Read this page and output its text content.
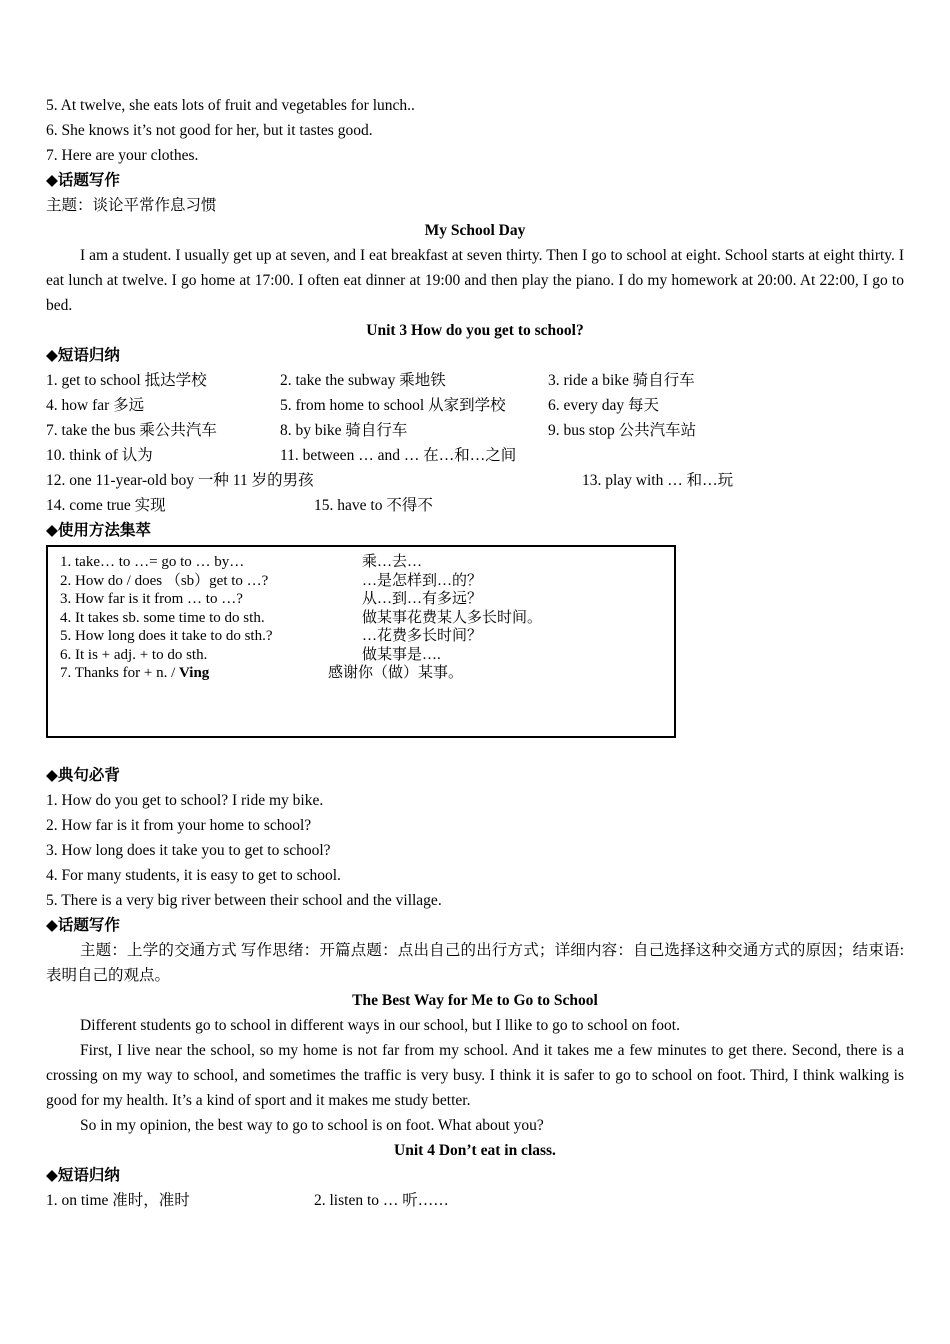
5. At twelve, she eats lots of fruit and vegetables for lunch..
6. She knows it’s not good for her, but it tastes good.
7. Here are your clothes.
◆话题写作
主题：谈论平常作息习惯
My School Day

I am a student. I usually get up at seven, and I eat breakfast at seven thirty. Then I go to school at eight. School starts at eight thirty. I eat lunch at twelve. I go home at 17:00. I often eat dinner at 19:00 and then play the piano. I do my homework at 20:00. At 22:00, I go to bed.

Unit 3 How do you get to school?
◆短语归纳
1. get to school 抵达学校	2. take the subway 乘地铁	3. ride a bike 骑自行车
4. how far 多远	5. from home to school 从家到学校	6. every day 每天
7. take the bus 乘公共汽车	8. by bike 骑自行车	9. bus stop 公共汽车站
10. think of 认为	11. between … and … 在…和…之间
12. one 11-year-old boy 一种 11 岁的男孩	13. play with … 和…玩
14. come true 实现	15. have to 不得不
◆使用方法集萃
1. take… to …= go to … by…	乘…去…
2. How do / does （sb）get to …?	…是怎样到…的？
3. How far is it from … to …?	从…到…有多远？
4. It takes sb. some time to do sth.	做某事花费某人多长时间。
5. How long does it take to do sth.?	…花费多长时间？
6. It is + adj. + to do sth.	做某事是….
7. Thanks for + n. / Ving	感谢你（做）某事。
◆典句必背
1. How do you get to school? I ride my bike.
2. How far is it from your home to school?
3. How long does it take you to get to school?
4. For many students, it is easy to get to school.
5. There is a very big river between their school and the village.
◆话题写作

主题：上学的交通方式 写作思绪：开篇点题：点出自己的出行方式；详细内容：自己选择这种交通方式的原因；结束语: 表明自己的观点。

The Best Way for Me to Go to School

Different students go to school in different ways in our school, but I llike to go to school on foot.

First, I live near the school, so my home is not far from my school. And it takes me a few minutes to get there. Second, there is a crossing on my way to school, and sometimes the traffic is very busy. I think it is safer to go to school on foot. Third, I think walking is good for my health. It’s a kind of sport and it makes me study better.

So in my opinion, the best way to go to school is on foot. What about you?

Unit 4 Don’t eat in class.
◆短语归纳
1. on time 准时，准时	2. listen to … 听……
